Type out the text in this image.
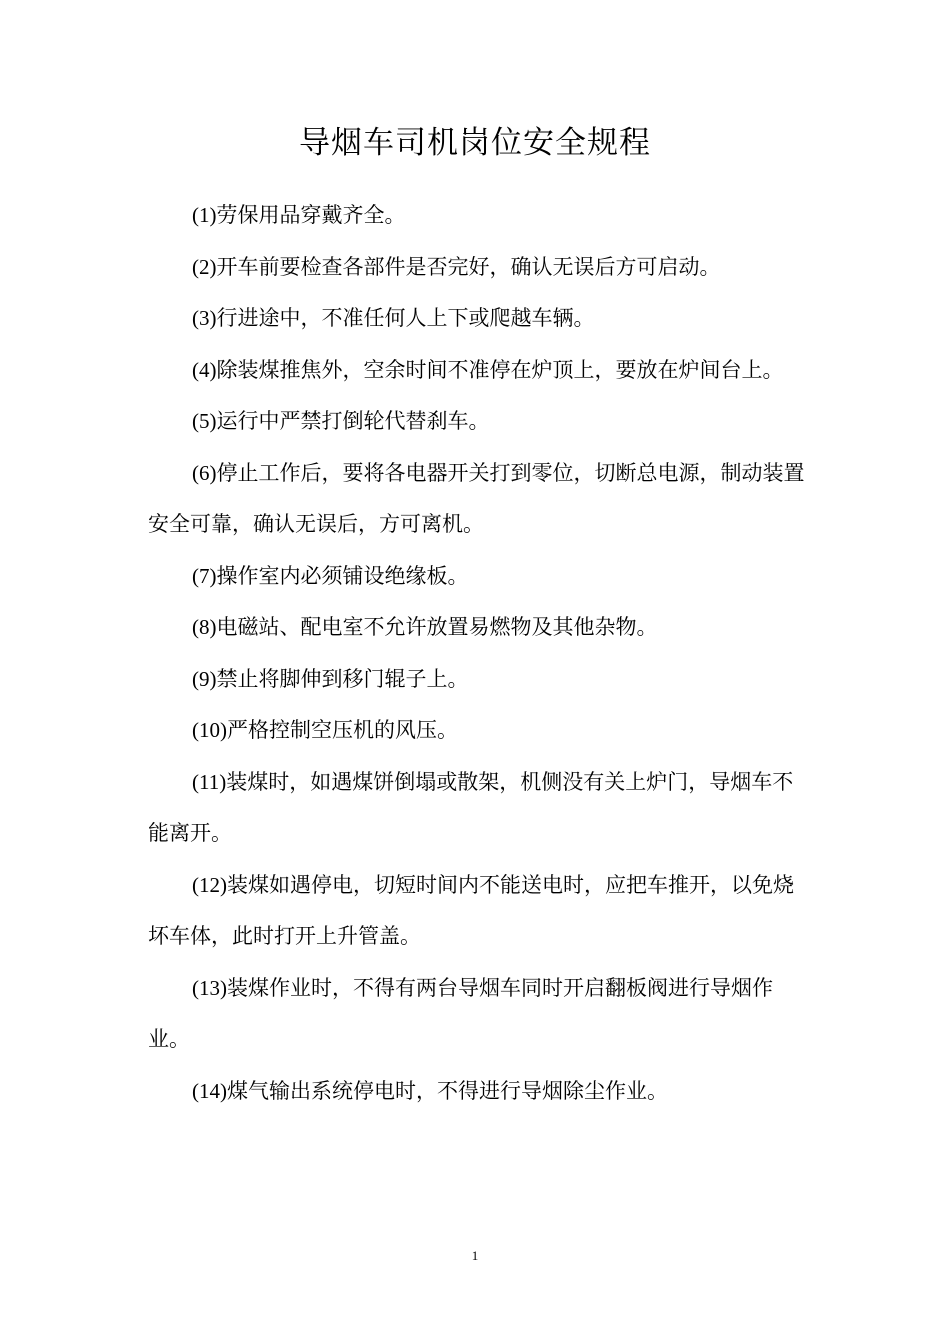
导烟车司机岗位安全规程

(1)劳保用品穿戴齐全。

(2)开车前要检查各部件是否完好，确认无误后方可启动。

(3)行进途中，不准任何人上下或爬越车辆。

(4)除装煤推焦外，空余时间不准停在炉顶上，要放在炉间台上。

(5)运行中严禁打倒轮代替刹车。

(6)停止工作后，要将各电器开关打到零位，切断总电源，制动装置安全可靠，确认无误后，方可离机。

(7)操作室内必须铺设绝缘板。

(8)电磁站、配电室不允许放置易燃物及其他杂物。

(9)禁止将脚伸到移门辊子上。

(10)严格控制空压机的风压。

(11)装煤时，如遇煤饼倒塌或散架，机侧没有关上炉门，导烟车不能离开。

(12)装煤如遇停电，切短时间内不能送电时，应把车推开，以免烧坏车体，此时打开上升管盖。

(13)装煤作业时，不得有两台导烟车同时开启翻板阀进行导烟作业。

(14)煤气输出系统停电时，不得进行导烟除尘作业。

1
